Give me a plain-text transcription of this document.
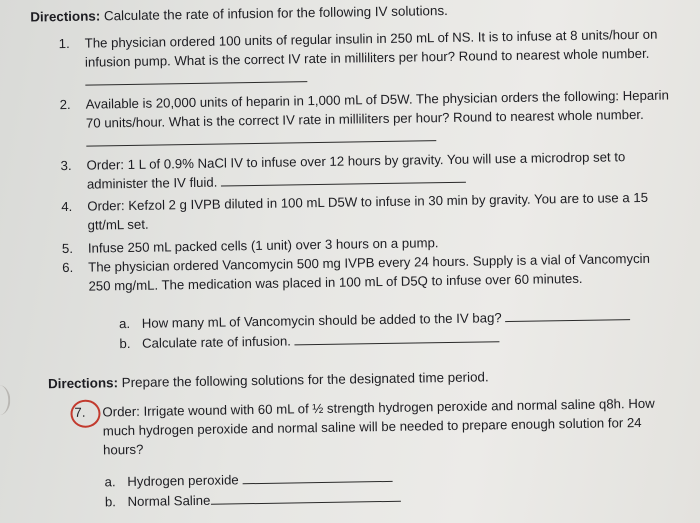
Directions: Calculate the rate of infusion for the following IV solutions.
1. The physician ordered 100 units of regular insulin in 250 mL of NS. It is to infuse at 8 units/hour on infusion pump. What is the correct IV rate in milliliters per hour? Round to nearest whole number.
2. Available is 20,000 units of heparin in 1,000 mL of D5W. The physician orders the following: Heparin 70 units/hour. What is the correct IV rate in milliliters per hour? Round to nearest whole number.
3. Order: 1 L of 0.9% NaCl IV to infuse over 12 hours by gravity. You will use a microdrop set to administer the IV fluid.
4. Order: Kefzol 2 g IVPB diluted in 100 mL D5W to infuse in 30 min by gravity. You are to use a 15 gtt/mL set.
5. Infuse 250 mL packed cells (1 unit) over 3 hours on a pump.
6. The physician ordered Vancomycin 500 mg IVPB every 24 hours. Supply is a vial of Vancomycin 250 mg/mL. The medication was placed in 100 mL of D5Q to infuse over 60 minutes.
a. How many mL of Vancomycin should be added to the IV bag?
b. Calculate rate of infusion.
Directions: Prepare the following solutions for the designated time period.
7. Order: Irrigate wound with 60 mL of ½ strength hydrogen peroxide and normal saline q8h. How much hydrogen peroxide and normal saline will be needed to prepare enough solution for 24 hours?
a. Hydrogen peroxide
b. Normal Saline
